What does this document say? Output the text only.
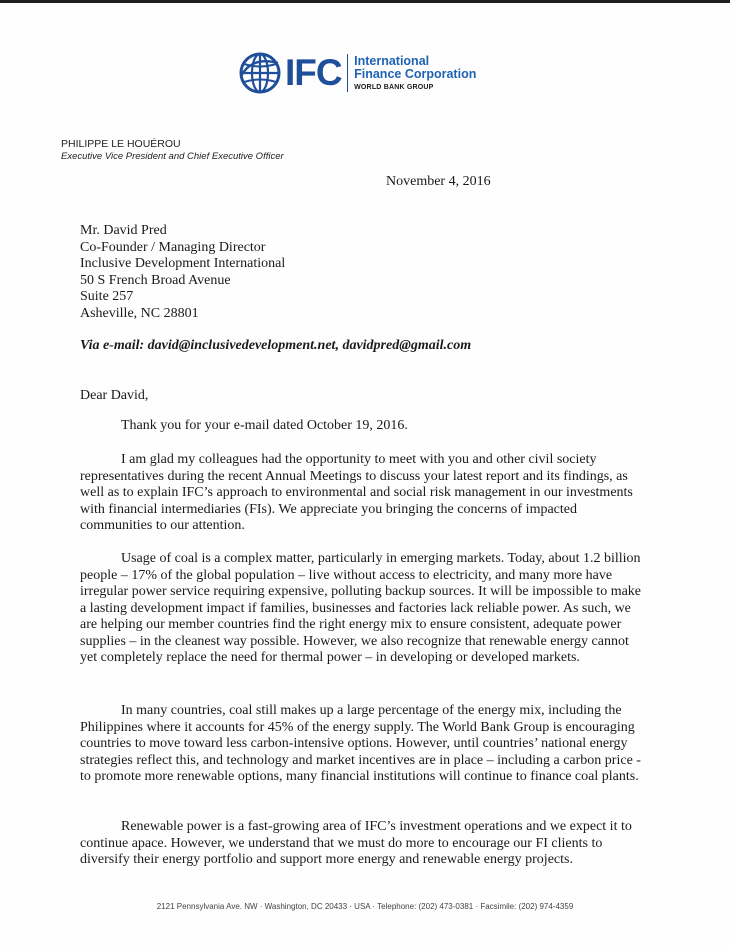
IFC International
Finance Corporation
WORLD BANK GROUP
PHILIPPE LE HOUÉROU
Executive Vice President and Chief Executive Officer
November 4, 2016
Mr. David Pred
Co-Founder / Managing Director
Inclusive Development International
50 S French Broad Avenue
Suite 257
Asheville, NC 28801
Via e-mail: david@inclusivedevelopment.net, davidpred@gmail.com
Dear David,

Thank you for your e-mail dated October 19, 2016.

I am glad my colleagues had the opportunity to meet with you and other civil society representatives during the recent Annual Meetings to discuss your latest report and its findings, as well as to explain IFC’s approach to environmental and social risk management in our investments with financial intermediaries (FIs). We appreciate you bringing the concerns of impacted communities to our attention.

Usage of coal is a complex matter, particularly in emerging markets. Today, about 1.2 billion people – 17% of the global population – live without access to electricity, and many more have irregular power service requiring expensive, polluting backup sources. It will be impossible to make a lasting development impact if families, businesses and factories lack reliable power. As such, we are helping our member countries find the right energy mix to ensure consistent, adequate power supplies – in the cleanest way possible. However, we also recognize that renewable energy cannot yet completely replace the need for thermal power – in developing or developed markets.

In many countries, coal still makes up a large percentage of the energy mix, including the Philippines where it accounts for 45% of the energy supply. The World Bank Group is encouraging countries to move toward less carbon-intensive options. However, until countries’ national energy strategies reflect this, and technology and market incentives are in place – including a carbon price - to promote more renewable options, many financial institutions will continue to finance coal plants.

Renewable power is a fast-growing area of IFC’s investment operations and we expect it to continue apace. However, we understand that we must do more to encourage our FI clients to diversify their energy portfolio and support more energy and renewable energy projects.

2121 Pennsylvania Ave. NW · Washington, DC 20433 · USA · Telephone: (202) 473-0381 · Facsimile: (202) 974-4359
